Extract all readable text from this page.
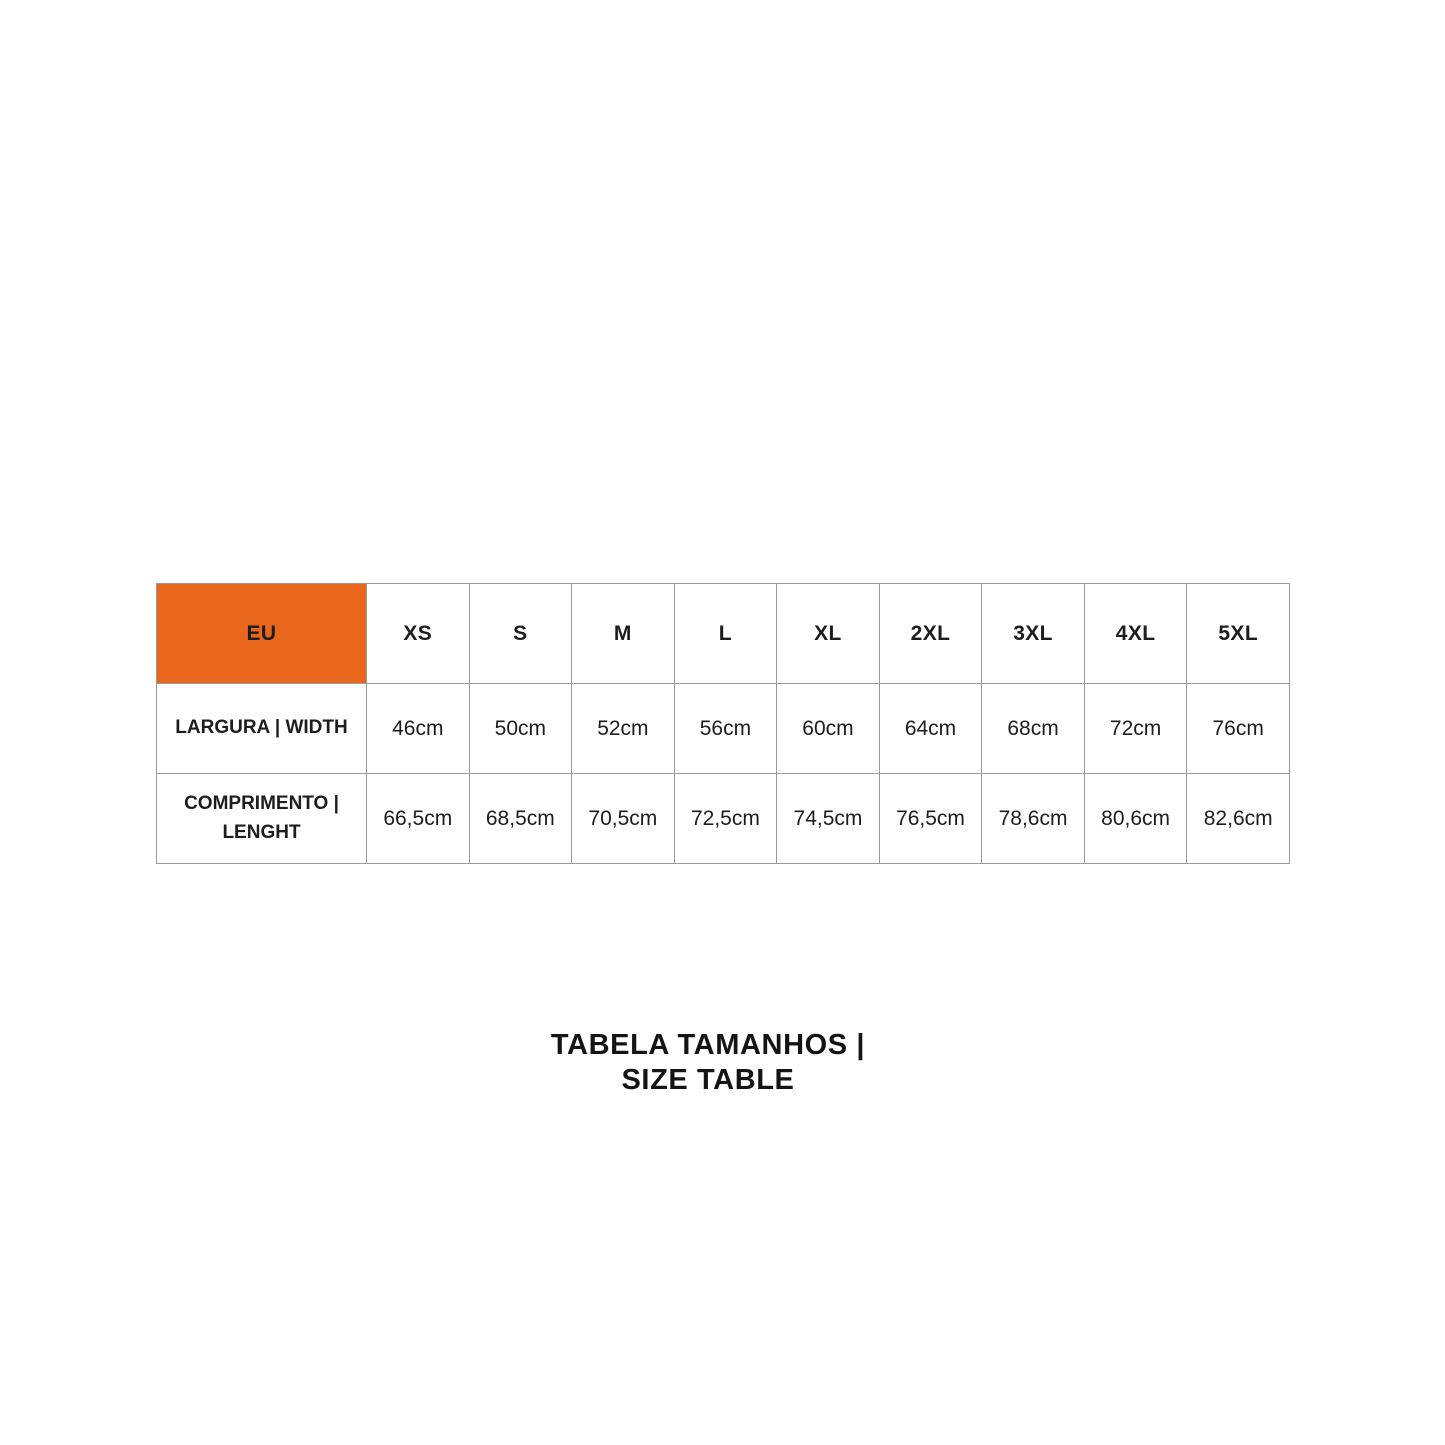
EU	XS	S	M	L	XL	2XL	3XL	4XL	5XL
LARGURA | WIDTH	46cm	50cm	52cm	56cm	60cm	64cm	68cm	72cm	76cm
COMPRIMENTO | LENGHT	66,5cm	68,5cm	70,5cm	72,5cm	74,5cm	76,5cm	78,6cm	80,6cm	82,6cm
TABELA TAMANHOS |
SIZE TABLE
